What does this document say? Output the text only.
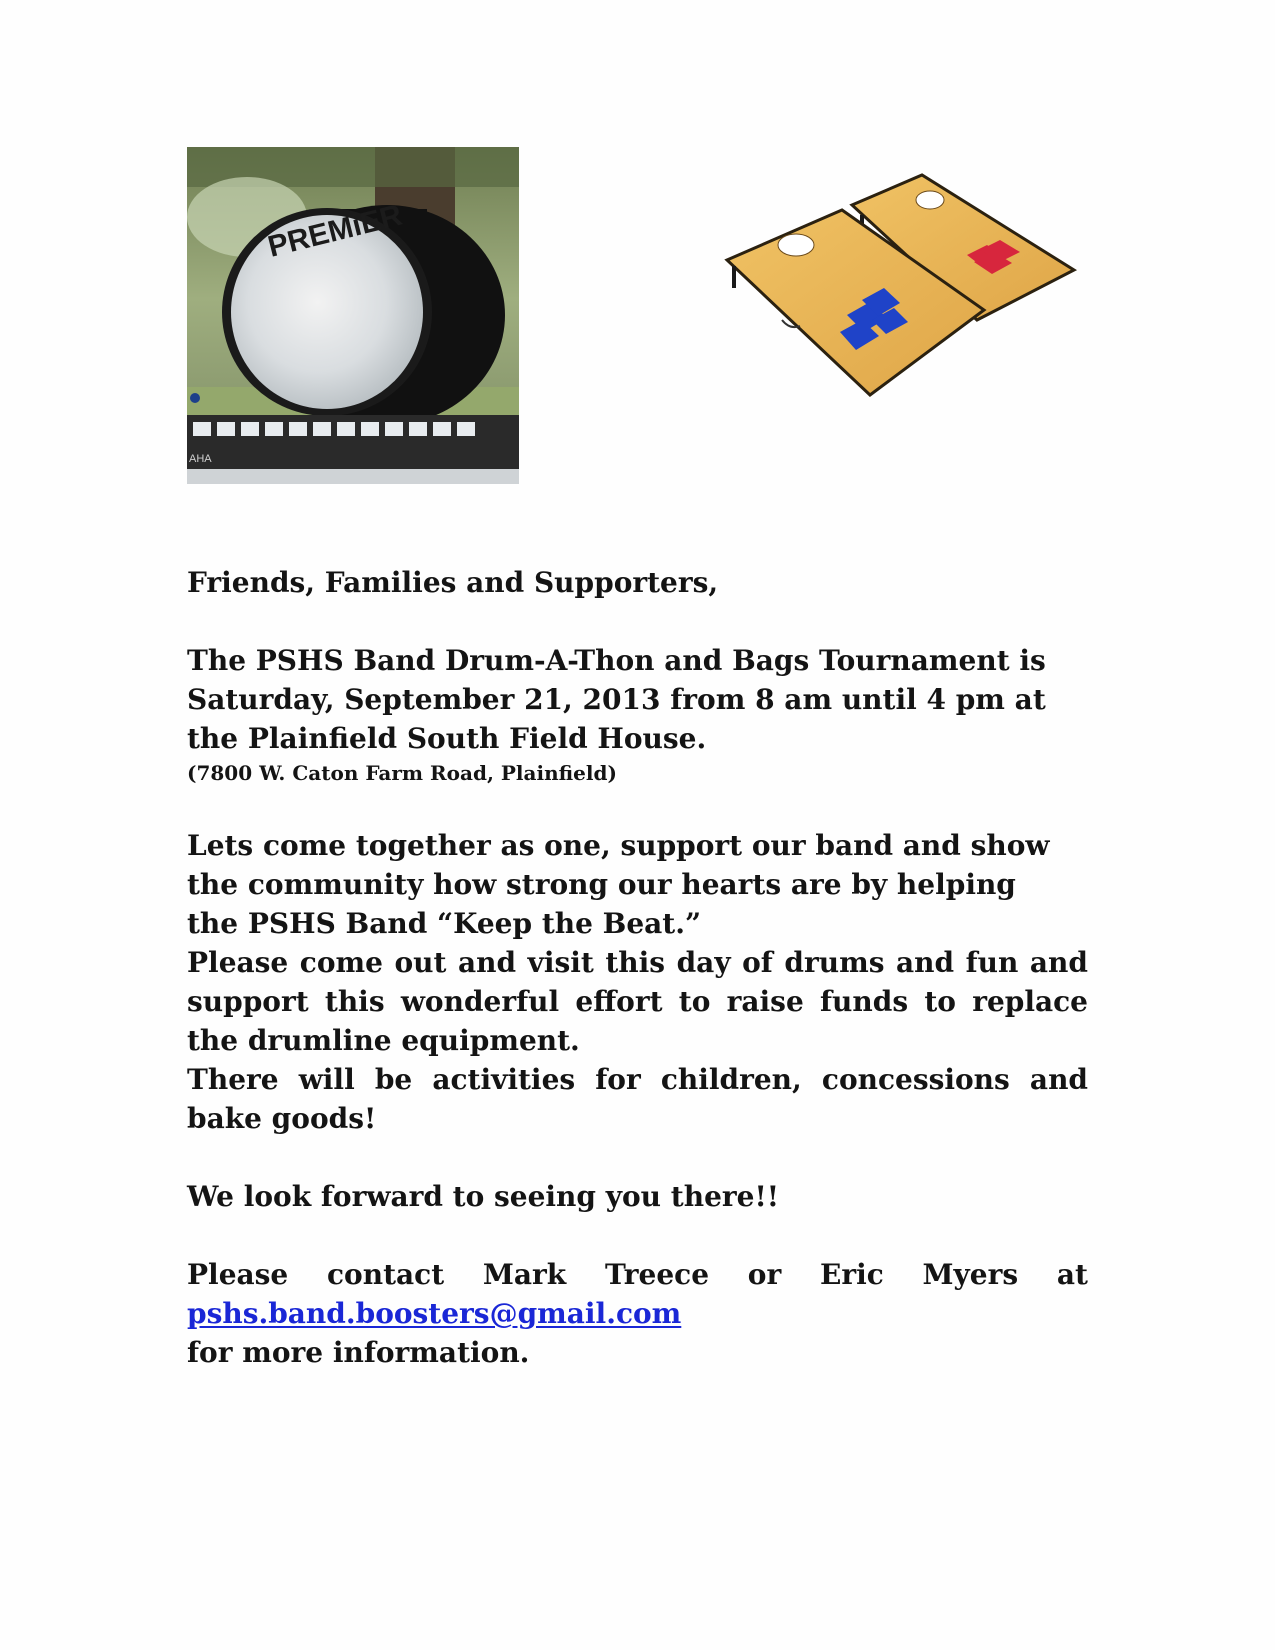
PREMiER
AHA

Friends, Families and Supporters,

The PSHS Band Drum-A-Thon and Bags Tournament is

Saturday, September 21, 2013 from 8 am until 4 pm at

the Plainfield South Field House.

(7800 W. Caton Farm Road, Plainfield)

Lets come together as one, support our band and show

the community how strong our hearts are by helping

the PSHS Band “Keep the Beat.”

Please come out and visit this day of drums and fun and support this wonderful effort to raise funds to replace the drumline equipment.

There will be activities for children, concessions and bake goods!

We look forward to seeing you there!!

Please contact Mark Treece or Eric Myers at

pshs.band.boosters@gmail.com

for more information.
